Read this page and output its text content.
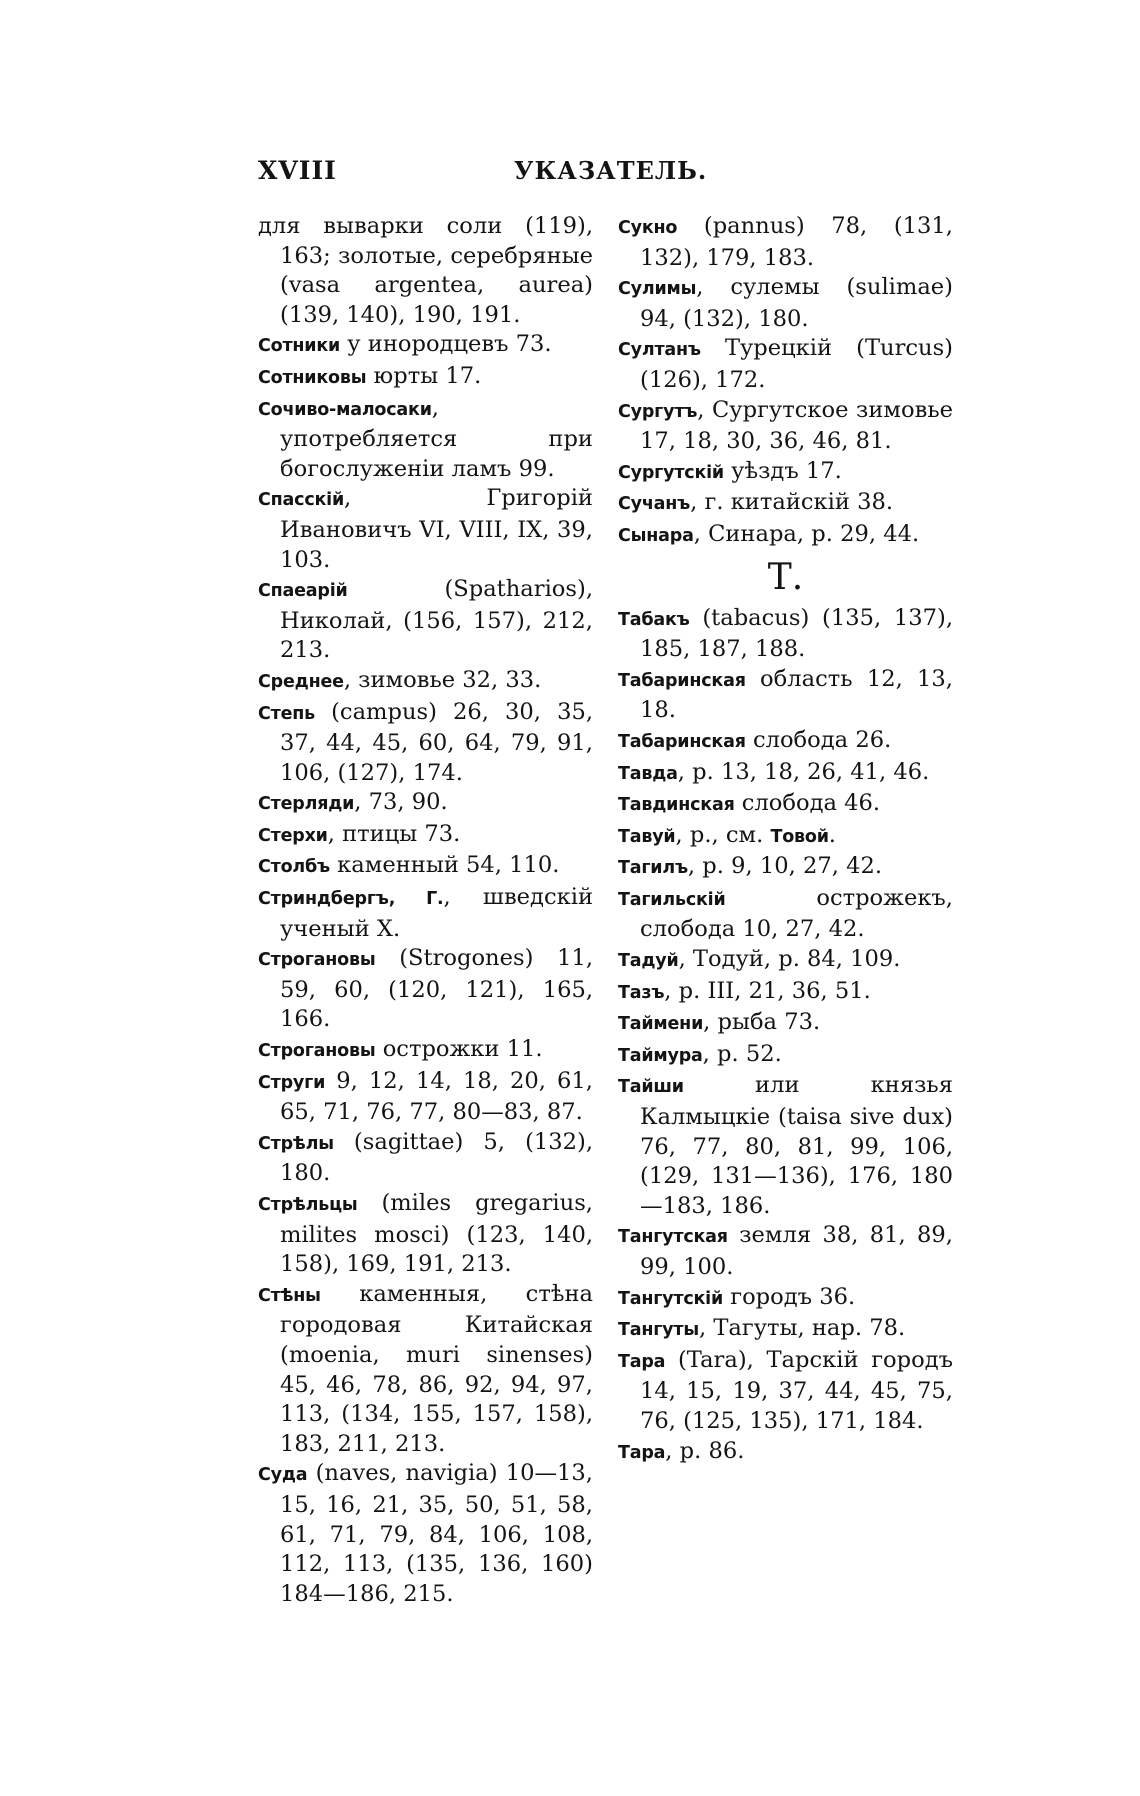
XVIII	УКАЗАТЕЛЬ.
для выварки соли (119), 163; золотые, серебряные (vasa argentea, aurea) (139, 140), 190, 191.
Сотники у инородцевъ 73.
Сотниковы юрты 17.
Сочиво-малосаки, употребляется при богослуженіи ламъ 99.
Спасскій, Григорій Ивановичъ VI, VIII, IX, 39, 103.
Спаеарій (Spatharios), Николай, (156, 157), 212, 213.
Среднее, зимовье 32, 33.
Степь (campus) 26, 30, 35, 37, 44, 45, 60, 64, 79, 91, 106, (127), 174.
Стерляди, 73, 90.
Стерхи, птицы 73.
Столбъ каменный 54, 110.
Стриндбергъ, Г., шведскій ученый X.
Строгановы (Strogones) 11, 59, 60, (120, 121), 165, 166.
Строгановы острожки 11.
Струги 9, 12, 14, 18, 20, 61, 65, 71, 76, 77, 80—83, 87.
Стрѣлы (sagittae) 5, (132), 180.
Стрѣльцы (miles gregarius, milites mosci) (123, 140, 158), 169, 191, 213.
Стѣны каменныя, стѣна городовая Китайская (moenia, muri sinenses) 45, 46, 78, 86, 92, 94, 97, 113, (134, 155, 157, 158), 183, 211, 213.
Суда (naves, navigia) 10—13, 15, 16, 21, 35, 50, 51, 58, 61, 71, 79, 84, 106, 108, 112, 113, (135, 136, 160) 184—186, 215.
Сукно (pannus) 78, (131, 132), 179, 183.
Сулимы, сулемы (sulimae) 94, (132), 180.
Султанъ Турецкій (Turcus) (126), 172.
Сургутъ, Сургутское зимовье 17, 18, 30, 36, 46, 81.
Сургутскій уѣздъ 17.
Сучанъ, г. китайскій 38.
Сынара, Синара, р. 29, 44.
Т.
Табакъ (tabacus) (135, 137), 185, 187, 188.
Табаринская область 12, 13, 18.
Табаринская слобода 26.
Тавда, р. 13, 18, 26, 41, 46.
Тавдинская слобода 46.
Тавуй, р., см. Товой.
Тагилъ, р. 9, 10, 27, 42.
Тагильскій острожекъ, слобода 10, 27, 42.
Тадуй, Тодуй, р. 84, 109.
Тазъ, р. III, 21, 36, 51.
Таймени, рыба 73.
Таймура, р. 52.
Тайши или князья Калмыцкіе (taisa sive dux) 76, 77, 80, 81, 99, 106, (129, 131—136), 176, 180—183, 186.
Тангутская земля 38, 81, 89, 99, 100.
Тангутскій городъ 36.
Тангуты, Тагуты, нар. 78.
Тара (Tara), Тарскій городъ 14, 15, 19, 37, 44, 45, 75, 76, (125, 135), 171, 184.
Тара, р. 86.
